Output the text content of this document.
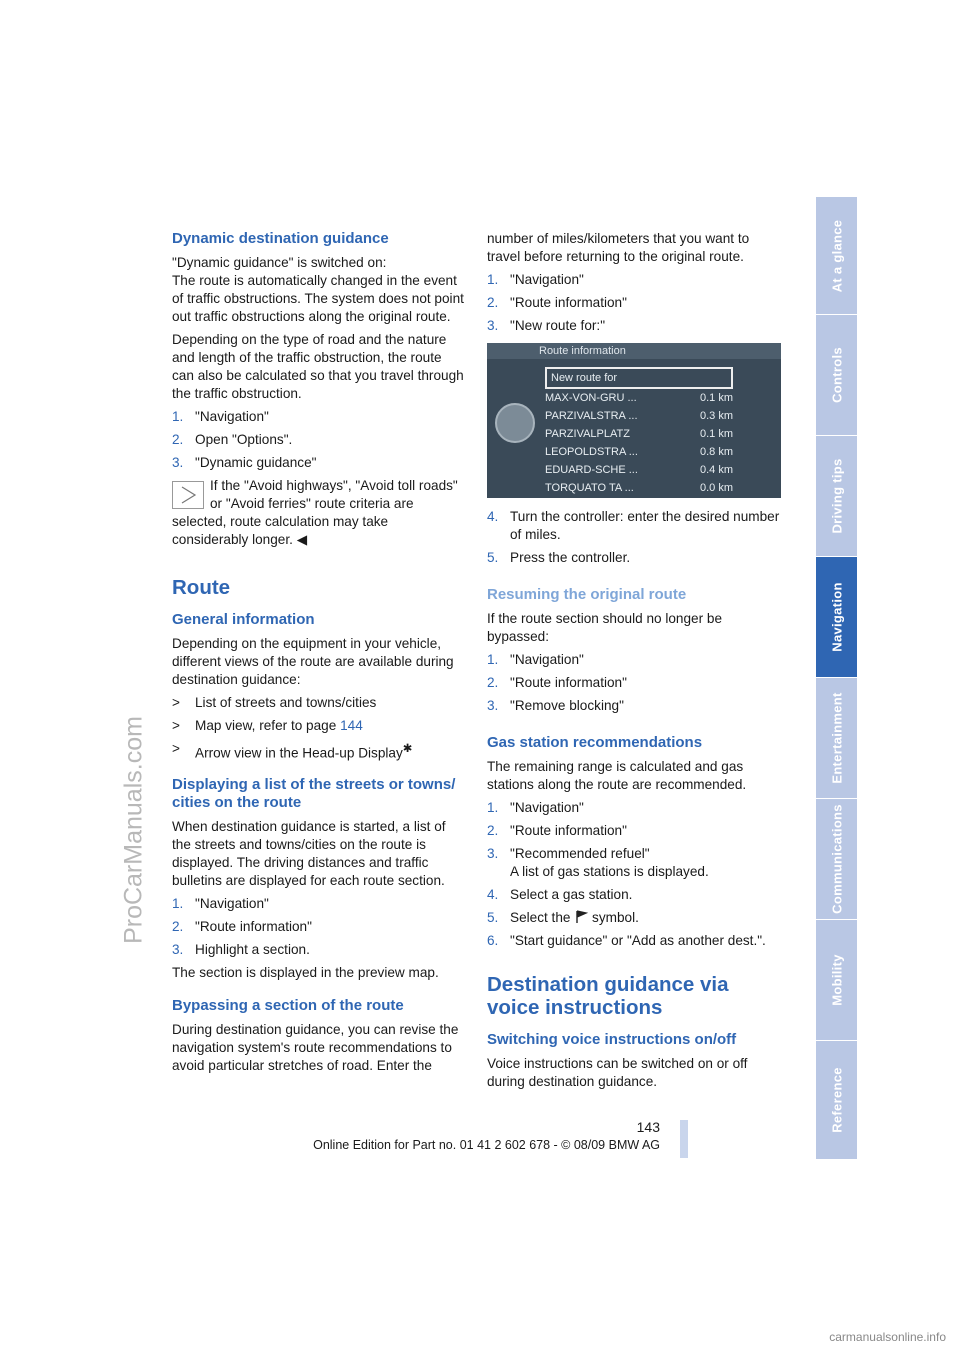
ProCarManuals.com
At a glance
Controls
Driving tips
Navigation
Entertainment
Communications
Mobility
Reference
Dynamic destination guidance

"Dynamic guidance" is switched on:

The route is automatically changed in the event of traffic obstructions. The system does not point out traffic obstructions along the original route.

Depending on the type of road and the nature and length of the traffic obstruction, the route can also be calculated so that you travel through the traffic obstruction.

1. "Navigation"
2. Open "Options".
3. "Dynamic guidance"
If the "Avoid highways", "Avoid toll roads" or "Avoid ferries" route criteria are selected, route calculation may take considerably longer. ◀
Route
General information

Depending on the equipment in your vehicle, different views of the route are available during destination guidance:

>	List of streets and towns/cities
>	Map view, refer to page 144
>	Arrow view in the Head-up Display✱
Displaying a list of the streets or towns/ cities on the route

When destination guidance is started, a list of the streets and towns/cities on the route is displayed. The driving distances and traffic bulletins are displayed for each route section.

1. "Navigation"
2. "Route information"
3. Highlight a section.

The section is displayed in the preview map.

Bypassing a section of the route

During destination guidance, you can revise the navigation system's route recommendations to avoid particular stretches of road. Enter the

number of miles/kilometers that you want to travel before returning to the original route.

1. "Navigation"
2. "Route information"
3. "New route for:"
Route information
New route for
MAX-VON-GRU ...	0.1 km
PARZIVALSTRA ...	0.3 km
PARZIVALPLATZ	0.1 km
LEOPOLDSTRA ...	0.8 km
EDUARD-SCHE ...	0.4 km
TORQUATO TA ...	0.0 km
4. Turn the controller: enter the desired number of miles.
5. Press the controller.
Resuming the original route

If the route section should no longer be bypassed:

1. "Navigation"
2. "Route information"
3. "Remove blocking"
Gas station recommendations

The remaining range is calculated and gas stations along the route are recommended.

1. "Navigation"
2. "Route information"
3. "Recommended refuel"
A list of gas stations is displayed.
4. Select a gas station.
5. Select the symbol.
6. "Start guidance" or "Add as another dest.".
Destination guidance via voice instructions
Switching voice instructions on/off

Voice instructions can be switched on or off during destination guidance.

143
Online Edition for Part no. 01 41 2 602 678 - © 08/09 BMW AG
carmanualsonline.info
